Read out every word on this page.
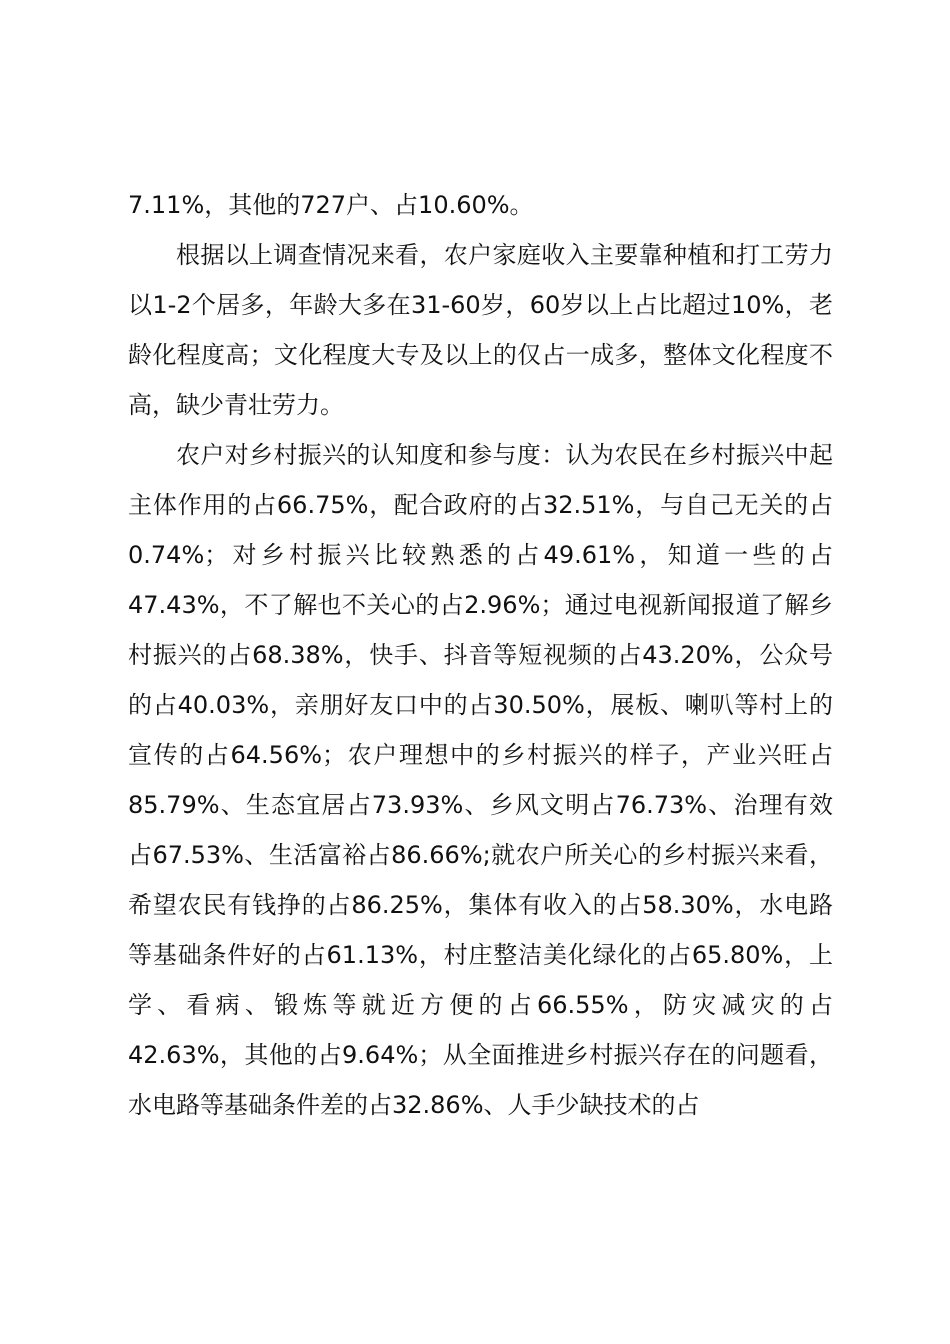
7.11%，其他的727户、占10.60%。

根据以上调查情况来看，农户家庭收入主要靠种植和打工劳力以1-2个居多，年龄大多在31-60岁，60岁以上占比超过10%，老龄化程度高；文化程度大专及以上的仅占一成多，整体文化程度不高，缺少青壮劳力。

农户对乡村振兴的认知度和参与度：认为农民在乡村振兴中起主体作用的占66.75%，配合政府的占32.51%，与自己无关的占0.74%；对乡村振兴比较熟悉的占49.61%，知道一些的占47.43%，不了解也不关心的占2.96%；通过电视新闻报道了解乡村振兴的占68.38%，快手、抖音等短视频的占43.20%，公众号的占40.03%，亲朋好友口中的占30.50%，展板、喇叭等村上的宣传的占64.56%；农户理想中的乡村振兴的样子，产业兴旺占85.79%、生态宜居占73.93%、乡风文明占76.73%、治理有效占67.53%、生活富裕占86.66%;就农户所关心的乡村振兴来看，希望农民有钱挣的占86.25%，集体有收入的占58.30%，水电路等基础条件好的占61.13%，村庄整洁美化绿化的占65.80%，上学、看病、锻炼等就近方便的占66.55%，防灾减灾的占42.63%，其他的占9.64%；从全面推进乡村振兴存在的问题看，水电路等基础条件差的占32.86%、人手少缺技术的占
